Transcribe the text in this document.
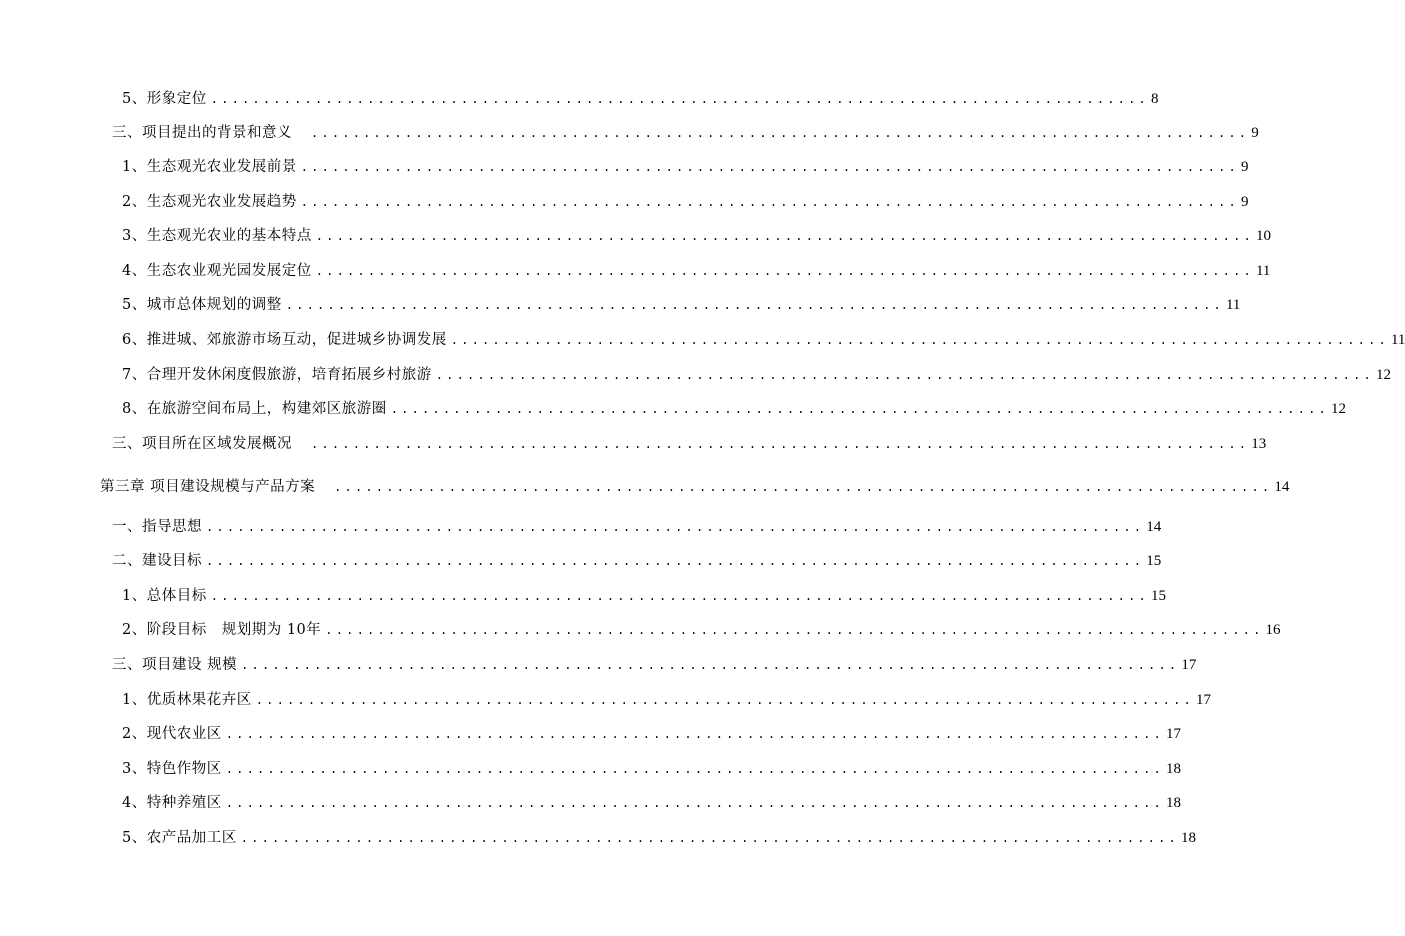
5、形象定位 .......................................................................................... 8
三、项目提出的背景和意义　 .......................................................................................... 9
1、生态观光农业发展前景 .......................................................................................... 9
2、生态观光农业发展趋势 .......................................................................................... 9
3、生态观光农业的基本特点 .......................................................................................... 10
4、生态农业观光园发展定位 .......................................................................................... 11
5、城市总体规划的调整 .......................................................................................... 11
6、推进城、郊旅游市场互动，促进城乡协调发展 .......................................................................................... 11
7、合理开发休闲度假旅游，培育拓展乡村旅游 .......................................................................................... 12
8、在旅游空间布局上，构建郊区旅游圈 .......................................................................................... 12
三、项目所在区域发展概况　 .......................................................................................... 13
第三章 项目建设规模与产品方案　 .......................................................................................... 14
一、指导思想 .......................................................................................... 14
二、建设目标 .......................................................................................... 15
1、总体目标 .......................................................................................... 15
2、阶段目标　规划期为 10年 .......................................................................................... 16
三、项目建设 规模 .......................................................................................... 17
1、优质林果花卉区 .......................................................................................... 17
2、现代农业区 .......................................................................................... 17
3、特色作物区 .......................................................................................... 18
4、特种养殖区 .......................................................................................... 18
5、农产品加工区 .......................................................................................... 18
